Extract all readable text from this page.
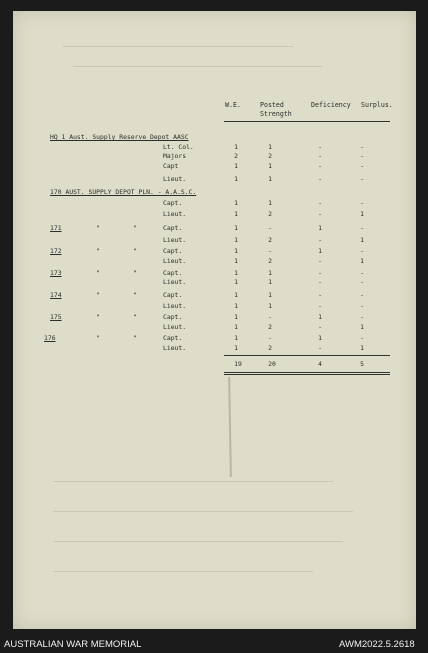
W.E.	Posted
Strength
Deficiency Surplus.
HQ 1 Aust. Supply Reserve Depot AASC
Lt. Col.	1	1	-	-
Majors	2	2	-	-
Capt	1	1	-	-
Lieut.	1	1	-	-
170 AUST. SUPPLY DEPOT PLN. - A.A.S.C.
Capt.	1	1	-	-
Lieut.	1	2	-	1
171	"	"	Capt.	1	-	1	-
Lieut.	1	2	-	1
172	"	"	Capt.	1	-	1	-
Lieut.	1	2	-	1
173	"	"	Capt.	1	1	-	-
Lieut.	1	1	-	-
174	"	"	Capt.	1	1	-	-
Lieut.	1	1	-	-
175	"	"	Capt.	1	-	1	-
Lieut.	1	2	-	1
176	"	"	Capt.	1	-	1	-
Lieut.	1	2	-	1
19	20	4	5
AUSTRALIAN WAR MEMORIAL	AWM2022.5.2618
